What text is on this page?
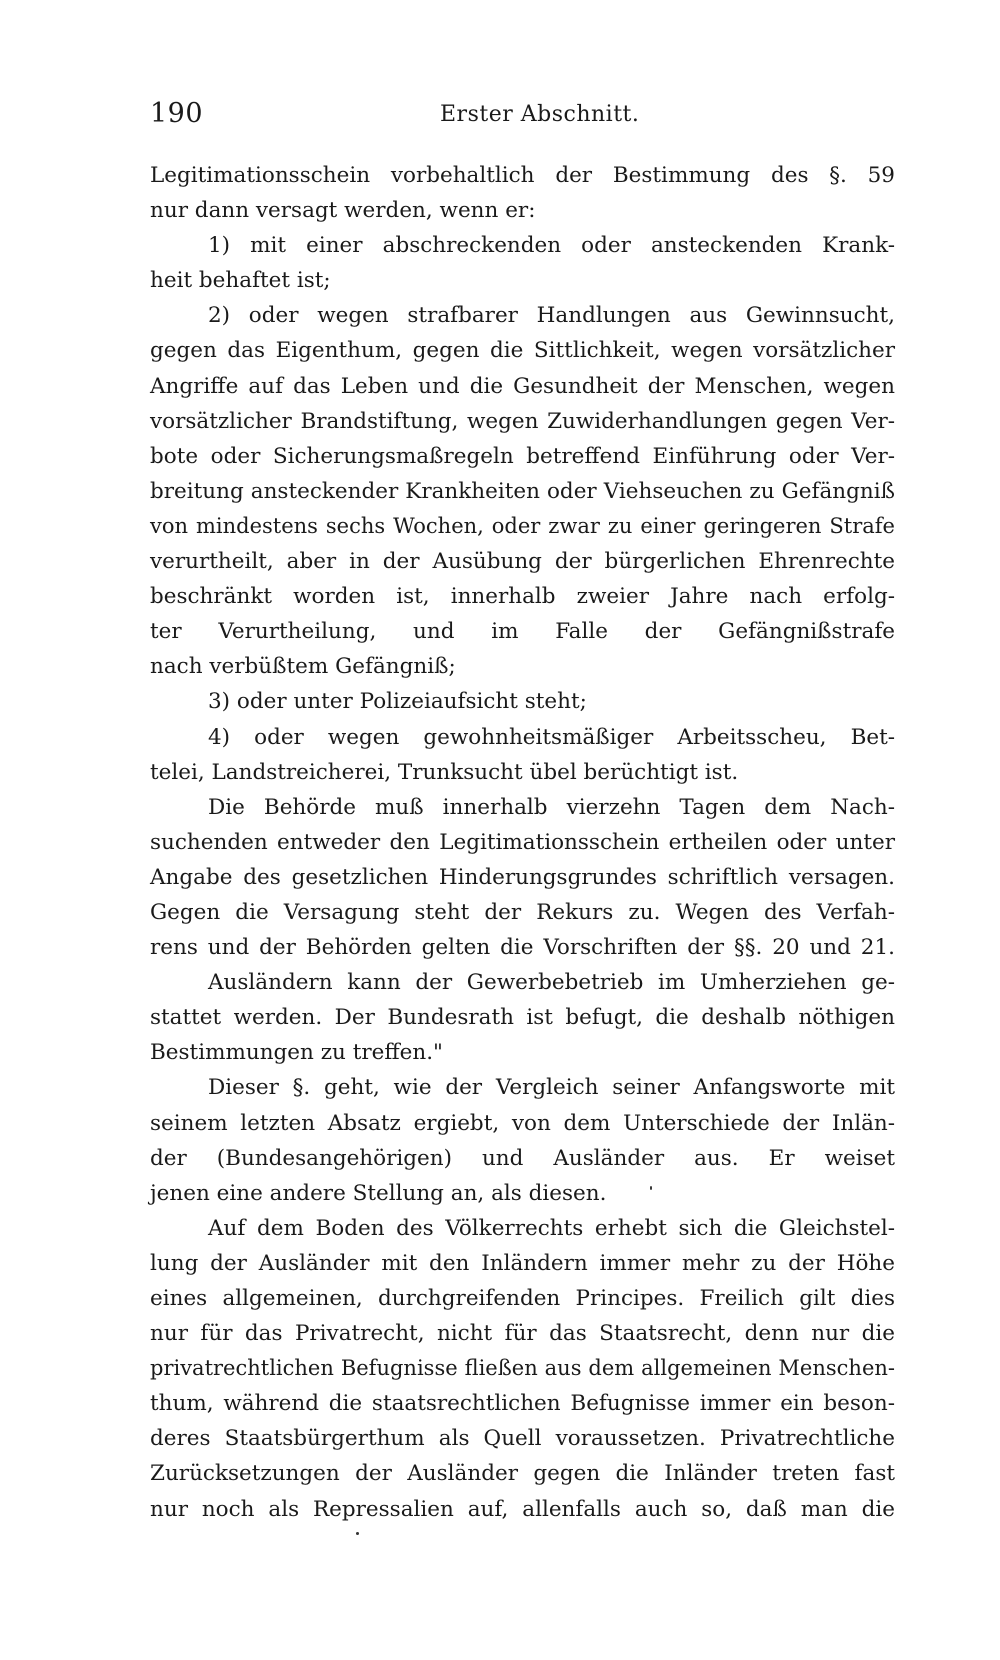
190	Erster Abschnitt.
Legitimationsschein vorbehaltlich der Bestimmung des §. 59
nur dann versagt werden, wenn er:
1) mit einer abschreckenden oder ansteckenden Krank-
heit behaftet ist;
2) oder wegen strafbarer Handlungen aus Gewinnsucht,
gegen das Eigenthum, gegen die Sittlichkeit, wegen vorsätzlicher
Angriffe auf das Leben und die Gesundheit der Menschen, wegen
vorsätzlicher Brandstiftung, wegen Zuwiderhandlungen gegen Ver-
bote oder Sicherungsmaßregeln betreffend Einführung oder Ver-
breitung ansteckender Krankheiten oder Viehseuchen zu Gefängniß
von mindestens sechs Wochen, oder zwar zu einer geringeren Strafe
verurtheilt, aber in der Ausübung der bürgerlichen Ehrenrechte
beschränkt worden ist, innerhalb zweier Jahre nach erfolg-
ter Verurtheilung, und im Falle der Gefängnißstrafe
nach verbüßtem Gefängniß;
3) oder unter Polizeiaufsicht steht;
4) oder wegen gewohnheitsmäßiger Arbeitsscheu, Bet-
telei, Landstreicherei, Trunksucht übel berüchtigt ist.
Die Behörde muß innerhalb vierzehn Tagen dem Nach-
suchenden entweder den Legitimationsschein ertheilen oder unter
Angabe des gesetzlichen Hinderungsgrundes schriftlich versagen.
Gegen die Versagung steht der Rekurs zu. Wegen des Verfah-
rens und der Behörden gelten die Vorschriften der §§. 20 und 21.
Ausländern kann der Gewerbebetrieb im Umherziehen ge-
stattet werden. Der Bundesrath ist befugt, die deshalb nöthigen
Bestimmungen zu treffen."
Dieser §. geht, wie der Vergleich seiner Anfangsworte mit
seinem letzten Absatz ergiebt, von dem Unterschiede der Inlän-
der (Bundesangehörigen) und Ausländer aus. Er weiset
jenen eine andere Stellung an, als diesen.
Auf dem Boden des Völkerrechts erhebt sich die Gleichstel-
lung der Ausländer mit den Inländern immer mehr zu der Höhe
eines allgemeinen, durchgreifenden Principes. Freilich gilt dies
nur für das Privatrecht, nicht für das Staatsrecht, denn nur die
privatrechtlichen Befugnisse fließen aus dem allgemeinen Menschen-
thum, während die staatsrechtlichen Befugnisse immer ein beson-
deres Staatsbürgerthum als Quell voraussetzen. Privatrechtliche
Zurücksetzungen der Ausländer gegen die Inländer treten fast
nur noch als Repressalien auf, allenfalls auch so, daß man die
